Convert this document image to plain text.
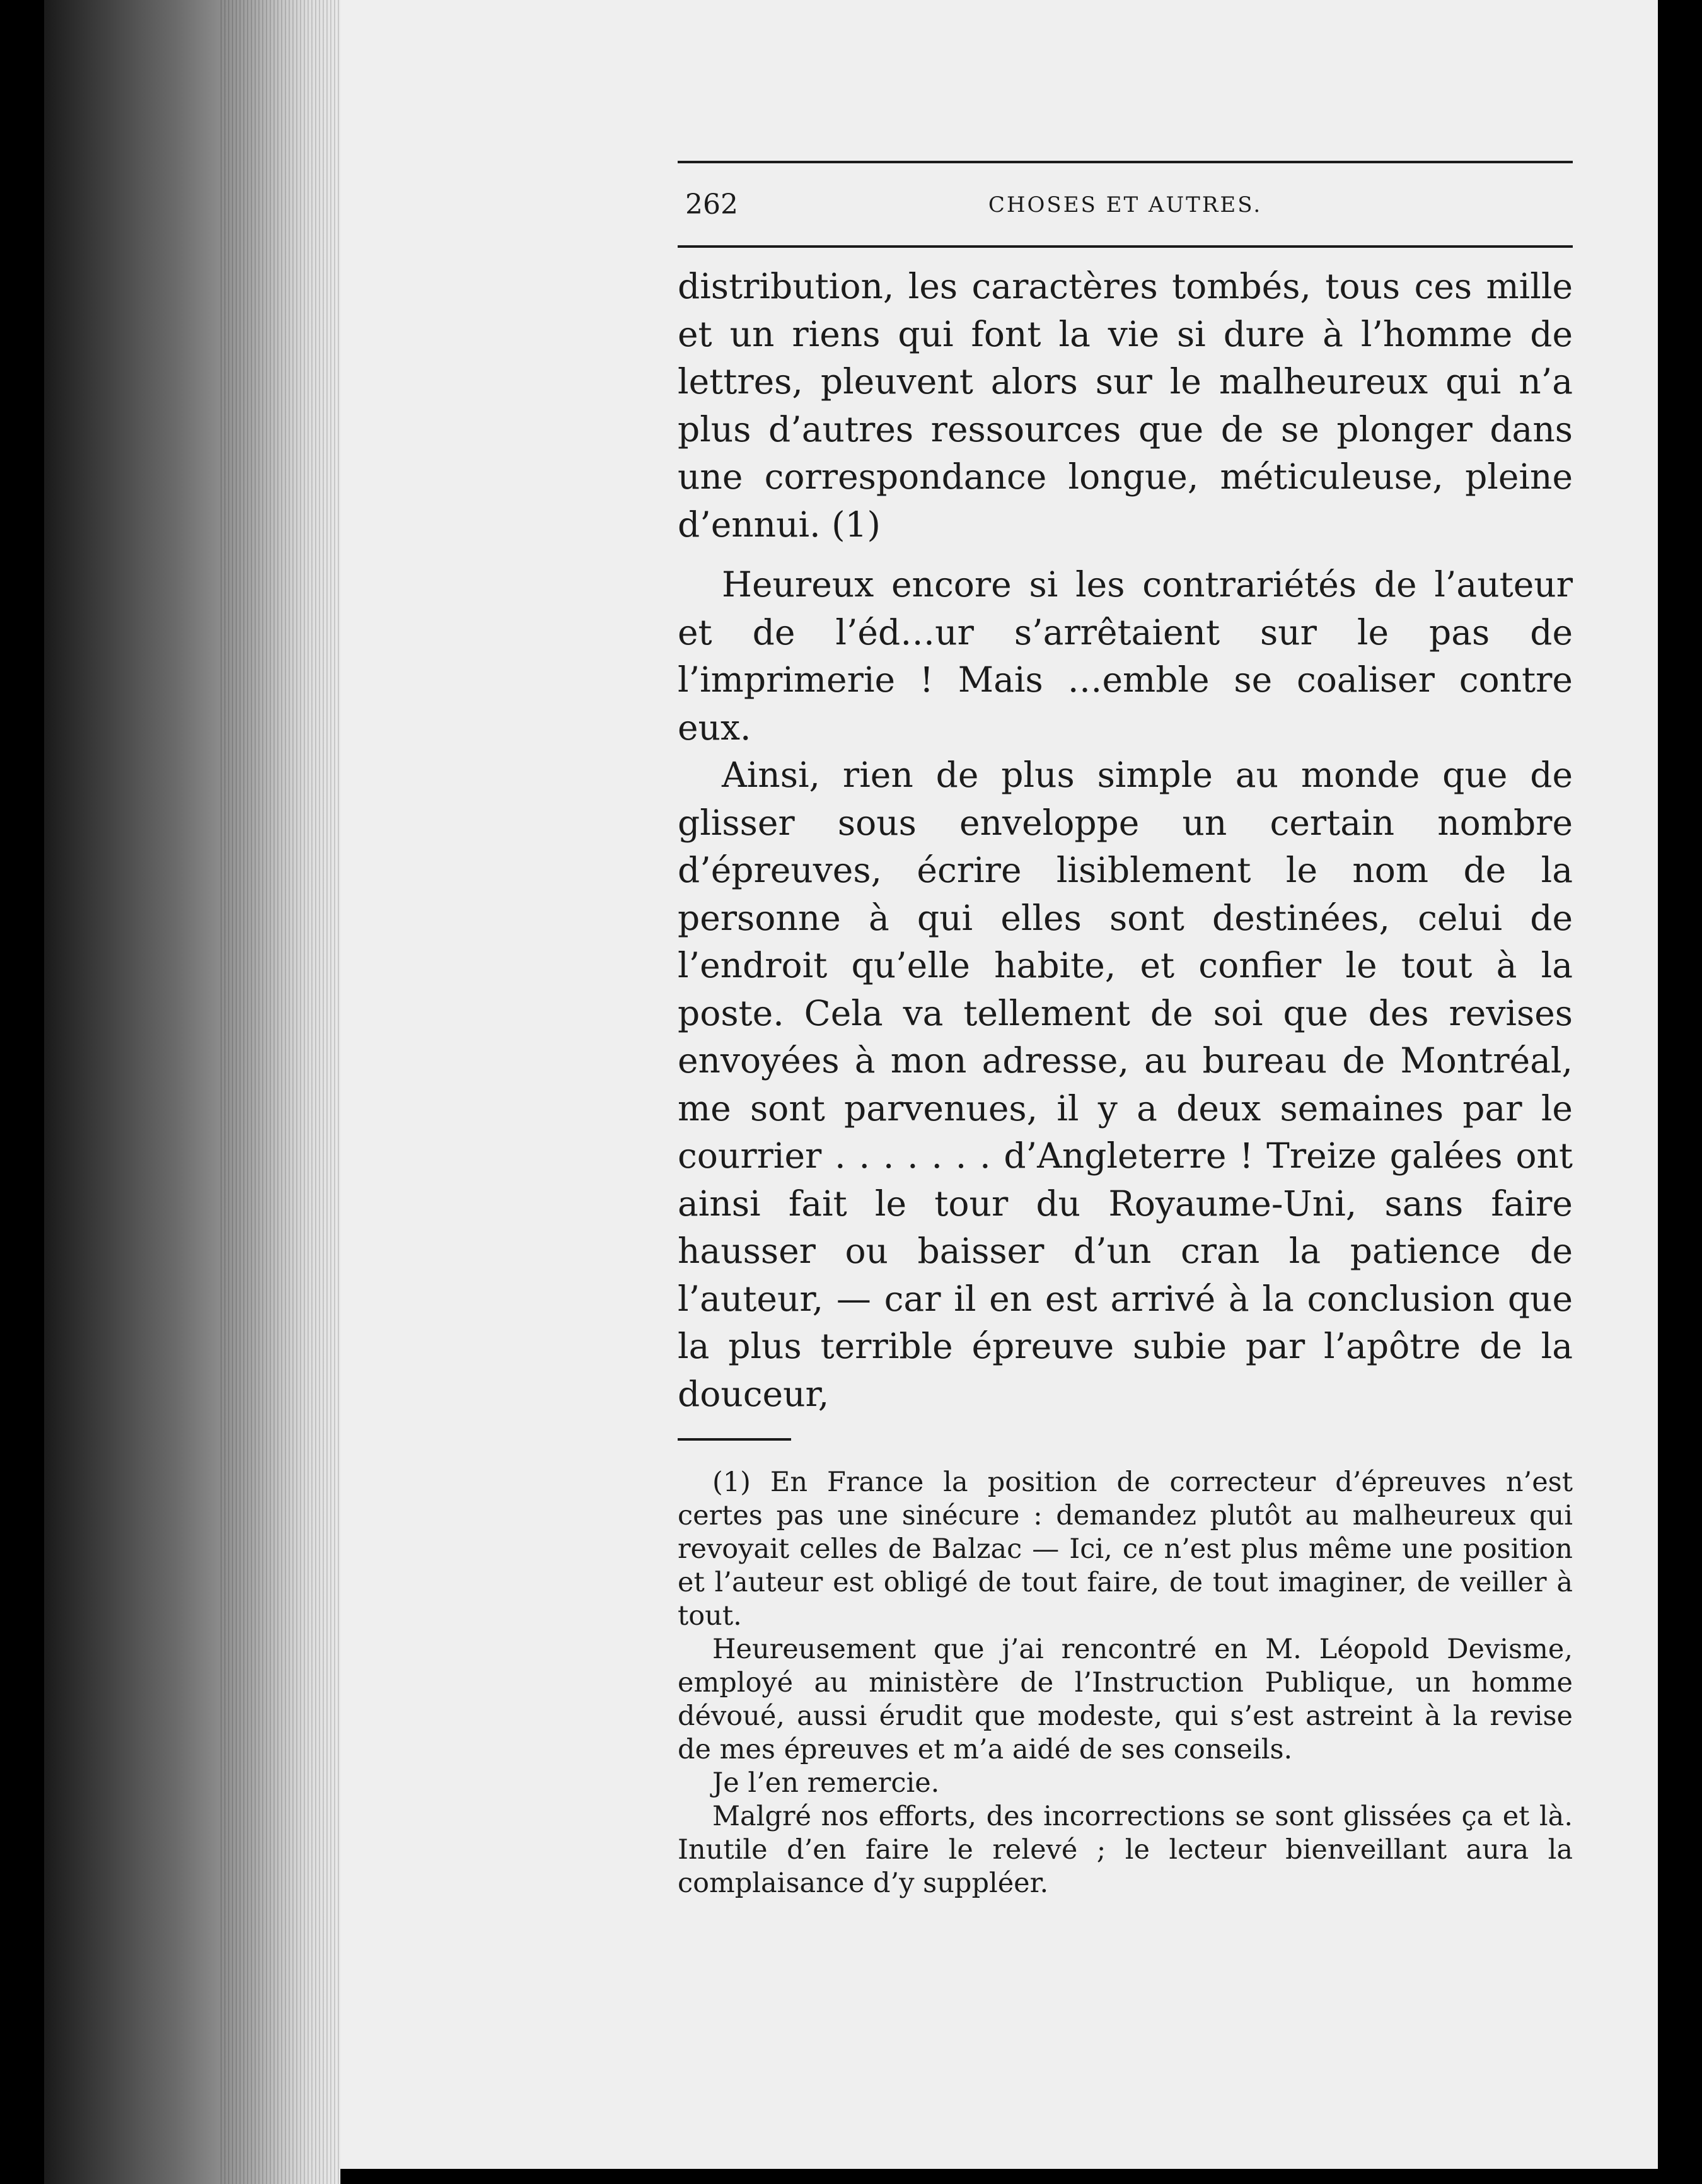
262	CHOSES ET AUTRES.

distribution, les caractères tombés, tous ces mille et un riens qui font la vie si dure à l’homme de lettres, pleuvent alors sur le malheureux qui n’a plus d’autres ressources que de se plonger dans une correspondance longue, méticuleuse, pleine d’ennui. (1)

Heureux encore si les contrariétés de l’auteur et de l’éd…ur s’arrêtaient sur le pas de l’imprimerie ! Mais …emble se coaliser contre eux.

Ainsi, rien de plus simple au monde que de glisser sous enveloppe un certain nombre d’épreuves, écrire lisiblement le nom de la personne à qui elles sont destinées, celui de l’endroit qu’elle habite, et confier le tout à la poste. Cela va tellement de soi que des revises envoyées à mon adresse, au bureau de Montréal, me sont parvenues, il y a deux semaines par le courrier . . . . . . . d’Angleterre ! Treize galées ont ainsi fait le tour du Royaume-Uni, sans faire hausser ou baisser d’un cran la patience de l’auteur, — car il en est arrivé à la conclusion que la plus terrible épreuve subie par l’apôtre de la douceur,

(1) En France la position de correcteur d’épreuves n’est certes pas une sinécure : demandez plutôt au malheureux qui revoyait celles de Balzac — Ici, ce n’est plus même une position et l’auteur est obligé de tout faire, de tout imaginer, de veiller à tout.

Heureusement que j’ai rencontré en M. Léopold Devisme, employé au ministère de l’Instruction Publique, un homme dévoué, aussi érudit que modeste, qui s’est astreint à la revise de mes épreuves et m’a aidé de ses conseils.

Je l’en remercie.

Malgré nos efforts, des incorrections se sont glissées ça et là. Inutile d’en faire le relevé ; le lecteur bienveillant aura la complaisance d’y suppléer.
